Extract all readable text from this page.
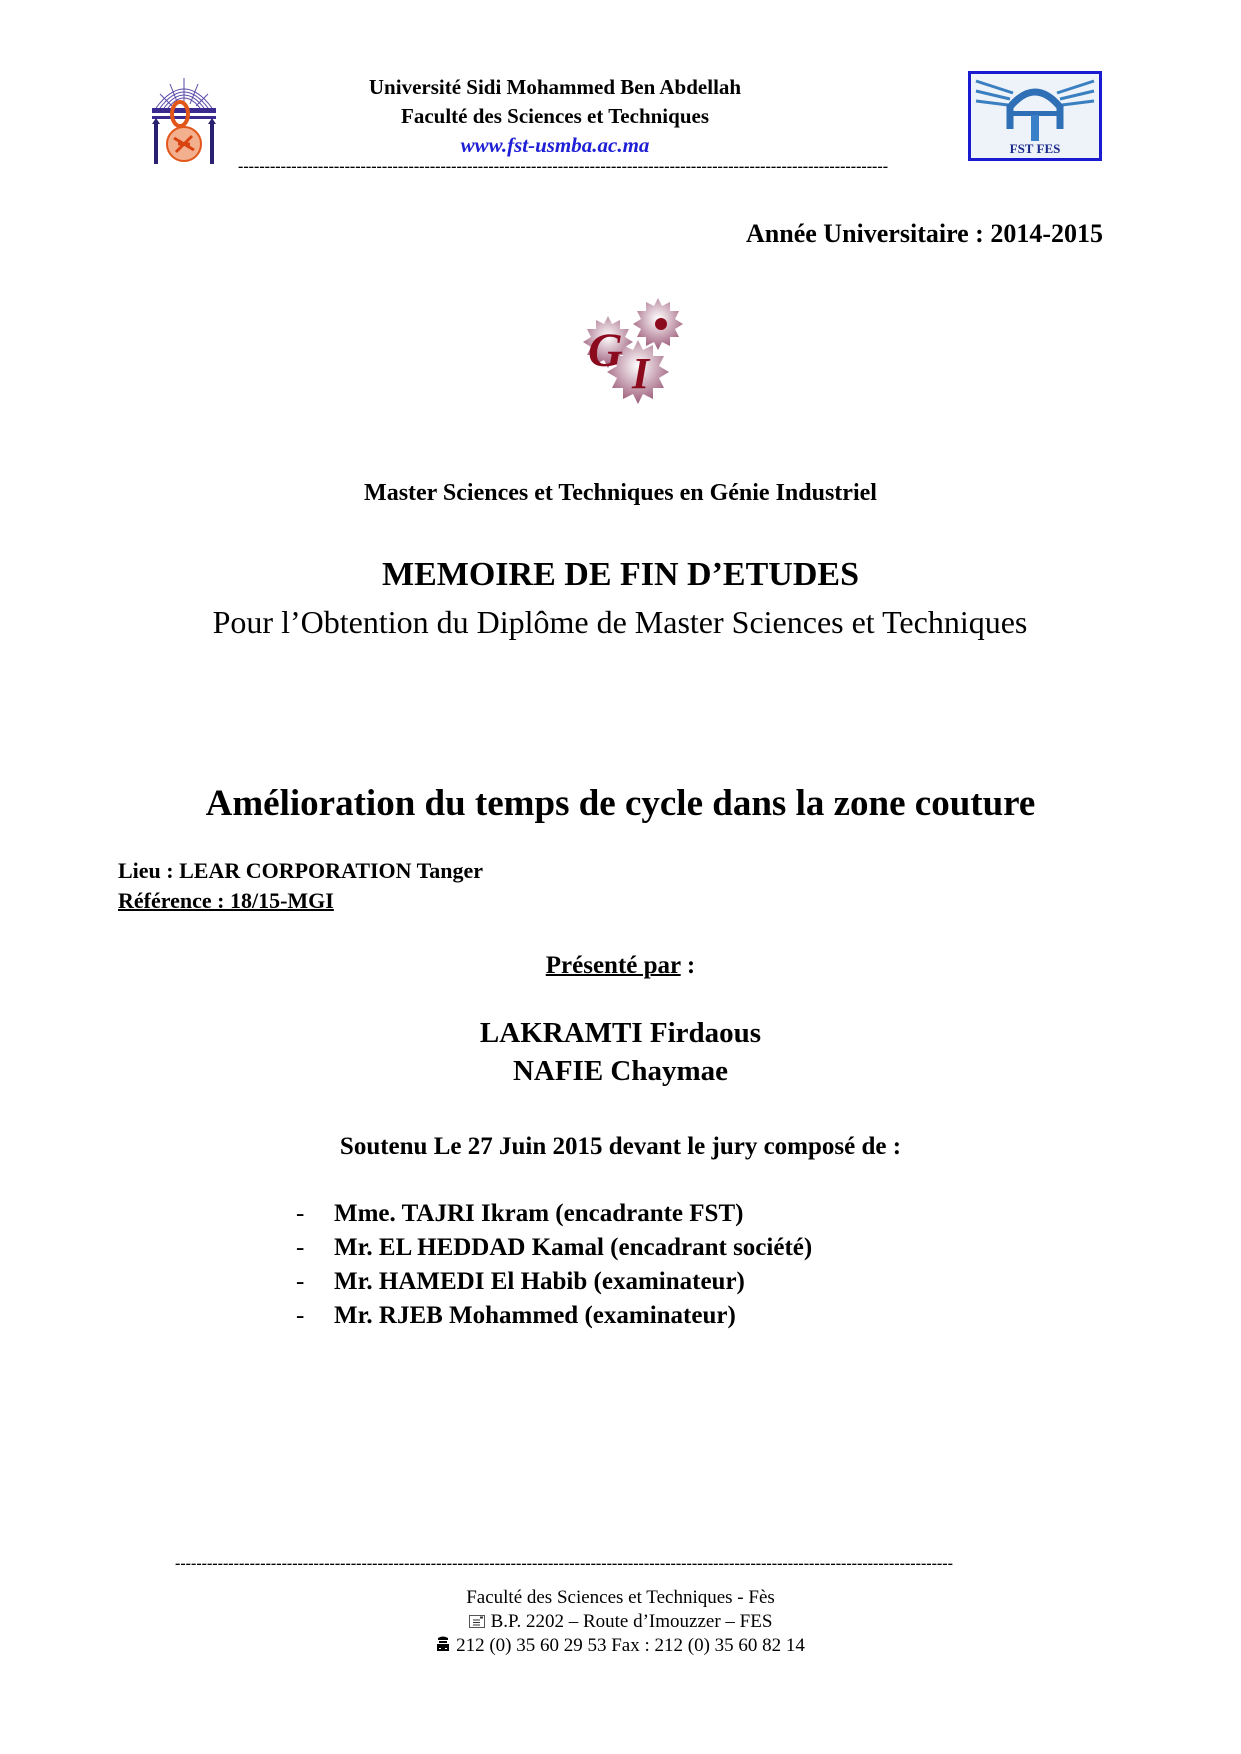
Université Sidi Mohammed Ben Abdellah
Faculté des Sciences et Techniques
www.fst-usmba.ac.ma
--------------------------------------------------------------------------------------------------------------------------
FST FES
Année Universitaire : 2014-2015
G I
Master Sciences et Techniques en Génie Industriel
MEMOIRE DE FIN D’ETUDES
Pour l’Obtention du Diplôme de Master Sciences et Techniques
Amélioration du temps de cycle dans la zone couture
Lieu : LEAR CORPORATION Tanger
Référence : 18/15-MGI
Présenté par :
LAKRAMTI Firdaous
NAFIE Chaymae
Soutenu Le 27 Juin 2015 devant le jury composé de :
-	Mme. TAJRI Ikram (encadrante FST)
-	Mr. EL HEDDAD Kamal (encadrant société)
-	Mr. HAMEDI El Habib (examinateur)
-	Mr. RJEB Mohammed (examinateur)
--------------------------------------------------------------------------------------------------------------------------------------------------
Faculté des Sciences et Techniques - Fès
B.P. 2202 – Route d’Imouzzer – FES
212 (0) 35 60 29 53 Fax : 212 (0) 35 60 82 14
